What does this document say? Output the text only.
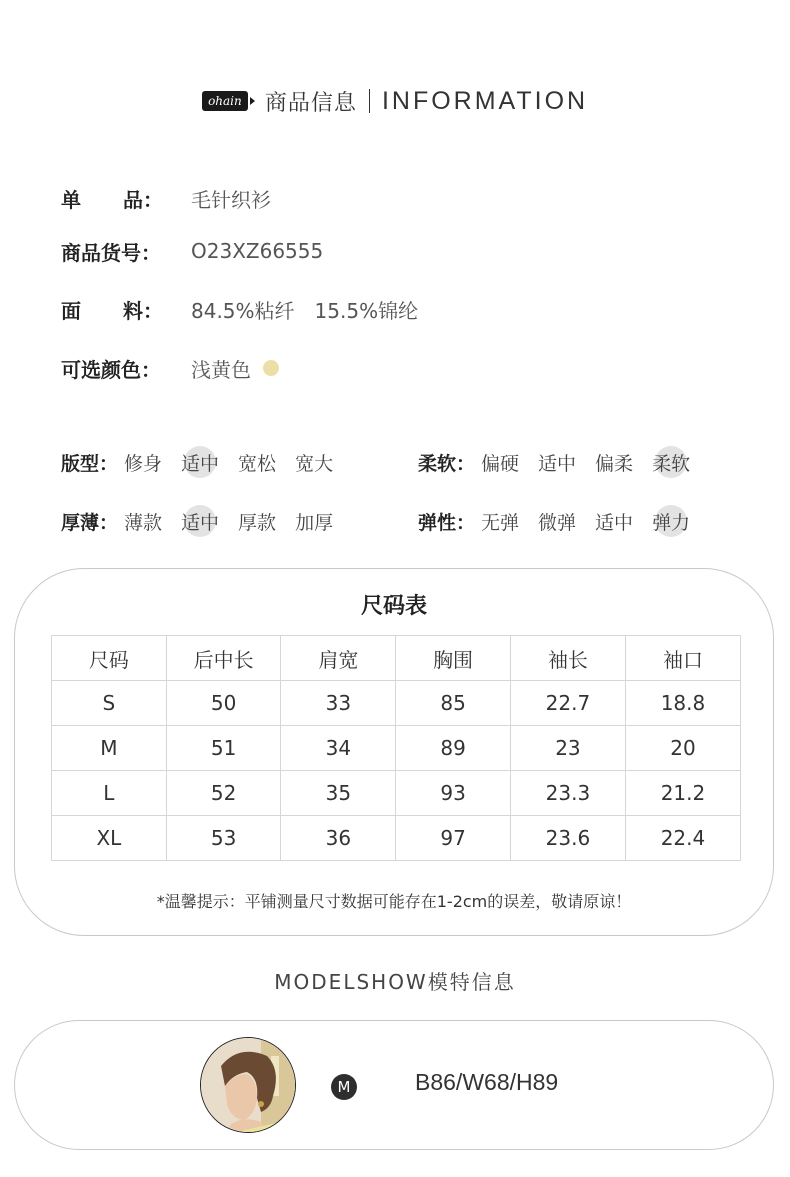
ohain 商品信息 INFORMATION
单 品： 毛针织衫
商品货号： O23XZ66555
面 料： 84.5%粘纤　15.5%锦纶
可选颜色： 浅黄色
版型： 修身 适中 宽松 宽大	柔软： 偏硬 适中 偏柔 柔软
厚薄： 薄款 适中 厚款 加厚	弹性： 无弹 微弹 适中 弹力
尺码表
尺码	后中长	肩宽	胸围	袖长	袖口
S	50	33	85	22.7	18.8
M	51	34	89	23	20
L	52	35	93	23.3	21.2
XL	53	36	97	23.6	22.4
*温馨提示：平铺测量尺寸数据可能存在1-2cm的误差，敬请原谅！
MODELSHOW模特信息
M	B86/W68/H89
